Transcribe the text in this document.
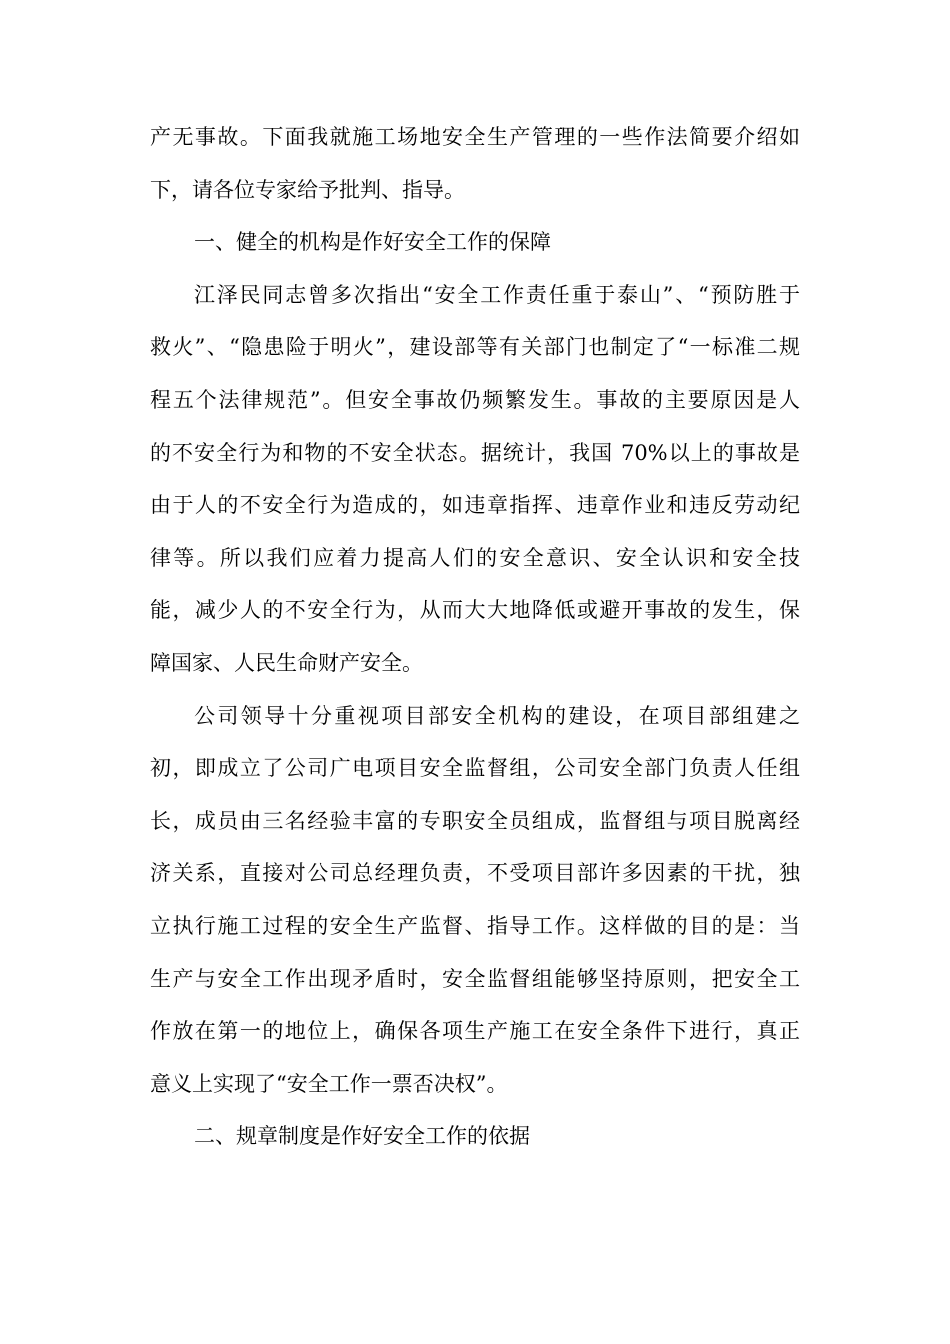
产无事故。下面我就施工场地安全生产管理的一些作法简要介绍如
下，请各位专家给予批判、指导。
一、健全的机构是作好安全工作的保障
江泽民同志曾多次指出“安全工作责任重于泰山”、“预防胜于
救火”、“隐患险于明火”，建设部等有关部门也制定了“一标准二规
程五个法律规范”。但安全事故仍频繁发生。事故的主要原因是人
的不安全行为和物的不安全状态。据统计，我国 70%以上的事故是
由于人的不安全行为造成的，如违章指挥、违章作业和违反劳动纪
律等。所以我们应着力提高人们的安全意识、安全认识和安全技
能，减少人的不安全行为，从而大大地降低或避开事故的发生，保
障国家、人民生命财产安全。
公司领导十分重视项目部安全机构的建设，在项目部组建之
初，即成立了公司广电项目安全监督组，公司安全部门负责人任组
长，成员由三名经验丰富的专职安全员组成，监督组与项目脱离经
济关系，直接对公司总经理负责，不受项目部许多因素的干扰，独
立执行施工过程的安全生产监督、指导工作。这样做的目的是：当
生产与安全工作出现矛盾时，安全监督组能够坚持原则，把安全工
作放在第一的地位上，确保各项生产施工在安全条件下进行，真正
意义上实现了“安全工作一票否决权”。
二、规章制度是作好安全工作的依据
